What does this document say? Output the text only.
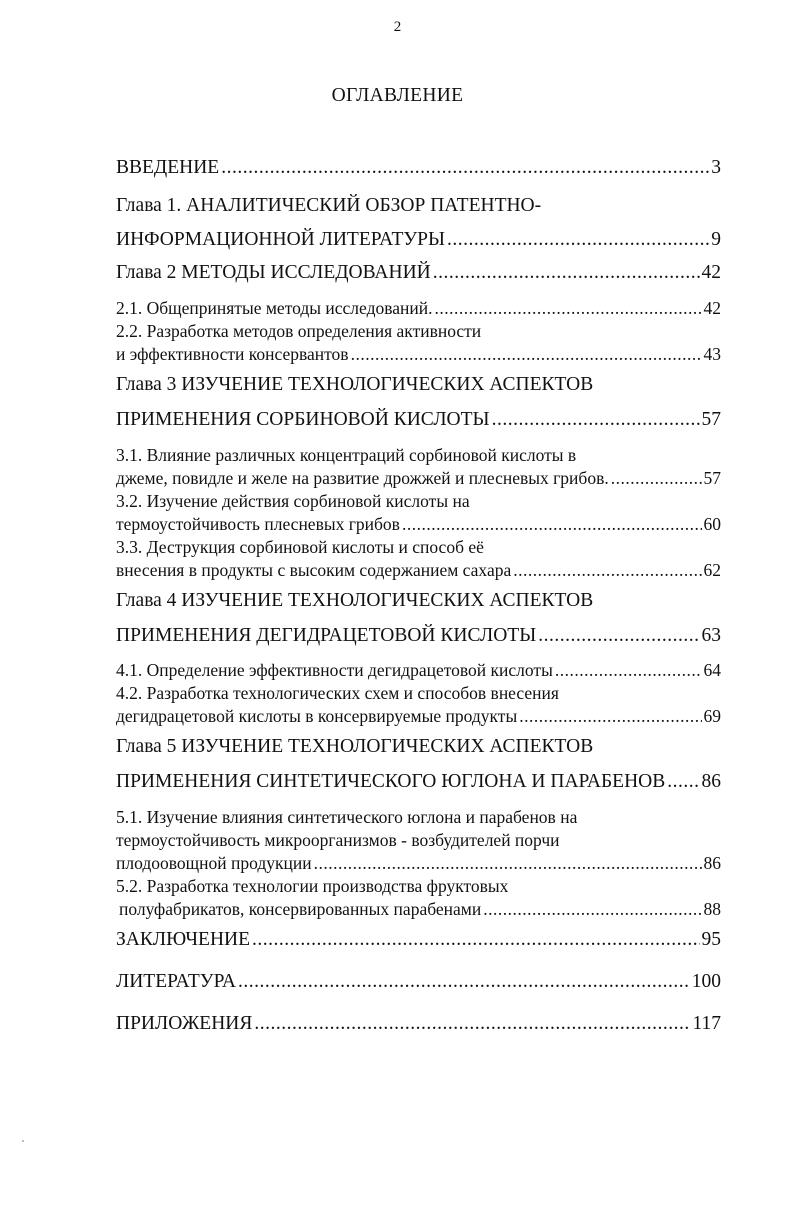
2
ОГЛАВЛЕНИЕ
ВВЕДЕНИЕ .....	3
Глава 1. АНАЛИТИЧЕСКИЙ ОБЗОР ПАТЕНТНО-
ИНФОРМАЦИОННОЙ ЛИТЕРАТУРЫ .....	9
Глава 2 МЕТОДЫ ИССЛЕДОВАНИЙ .....	42
2.1. Общепринятые методы исследований. .....	42
2.2. Разработка методов определения активности
и эффективности консервантов .....	43
Глава 3 ИЗУЧЕНИЕ ТЕХНОЛОГИЧЕСКИХ АСПЕКТОВ
ПРИМЕНЕНИЯ СОРБИНОВОЙ КИСЛОТЫ .....	57
3.1. Влияние различных концентраций сорбиновой кислоты в
джеме, повидле и желе на развитие дрожжей и плесневых грибов. .....	57
3.2. Изучение действия сорбиновой кислоты на
термоустойчивость плесневых грибов .....	60
3.3. Деструкция сорбиновой кислоты и способ её
внесения в продукты с высоким содержанием сахара .....	62
Глава 4 ИЗУЧЕНИЕ ТЕХНОЛОГИЧЕСКИХ АСПЕКТОВ
ПРИМЕНЕНИЯ ДЕГИДРАЦЕТОВОЙ КИСЛОТЫ .....	63
4.1. Определение эффективности дегидрацетовой кислоты .....	64
4.2. Разработка технологических схем и способов внесения
дегидрацетовой кислоты в консервируемые продукты .....	69
Глава 5 ИЗУЧЕНИЕ ТЕХНОЛОГИЧЕСКИХ АСПЕКТОВ
ПРИМЕНЕНИЯ СИНТЕТИЧЕСКОГО ЮГЛОНА И ПАРАБЕНОВ ..... 86
5.1. Изучение влияния синтетического юглона и парабенов на
термоустойчивость микроорганизмов - возбудителей порчи
плодоовощной продукции .....	86
5.2. Разработка технологии производства фруктовых
полуфабрикатов, консервированных парабенами .....	88
ЗАКЛЮЧЕНИЕ .....	95
ЛИТЕРАТУРА .....	100
ПРИЛОЖЕНИЯ .....	117
